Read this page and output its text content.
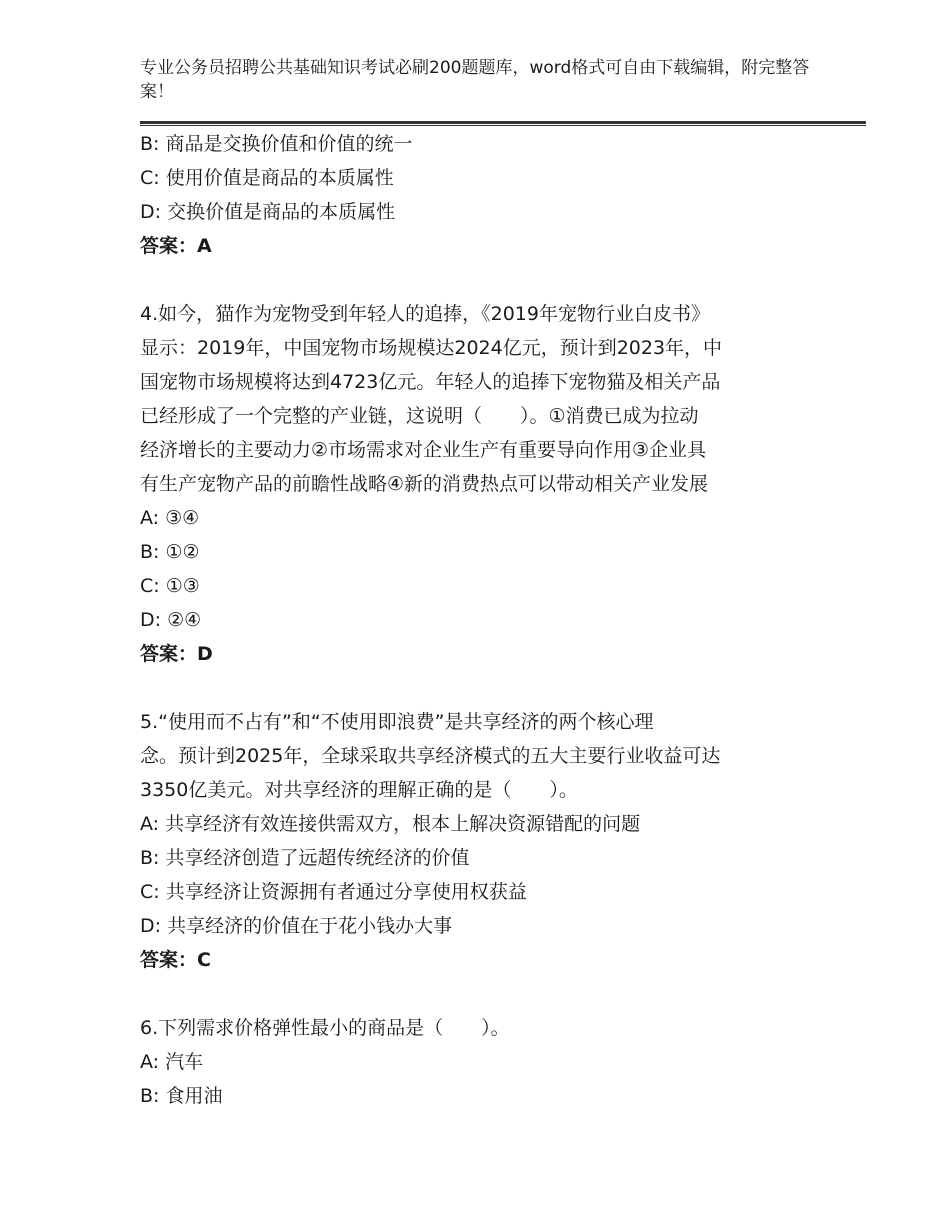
专业公务员招聘公共基础知识考试必刷200题题库，word格式可自由下载编辑，附完整答案！
B: 商品是交换价值和价值的统一
C: 使用价值是商品的本质属性
D: 交换价值是商品的本质属性
答案：A
4.如今，猫作为宠物受到年轻人的追捧，《2019年宠物行业白皮书》
显示：2019年，中国宠物市场规模达2024亿元，预计到2023年，中
国宠物市场规模将达到4723亿元。年轻人的追捧下宠物猫及相关产品
已经形成了一个完整的产业链，这说明（　　）。①消费已成为拉动
经济增长的主要动力②市场需求对企业生产有重要导向作用③企业具
有生产宠物产品的前瞻性战略④新的消费热点可以带动相关产业发展
A: ③④
B: ①②
C: ①③
D: ②④
答案：D
5.“使用而不占有”和“不使用即浪费”是共享经济的两个核心理
念。预计到2025年，全球采取共享经济模式的五大主要行业收益可达
3350亿美元。对共享经济的理解正确的是（　　）。
A: 共享经济有效连接供需双方，根本上解决资源错配的问题
B: 共享经济创造了远超传统经济的价值
C: 共享经济让资源拥有者通过分享使用权获益
D: 共享经济的价值在于花小钱办大事
答案：C
6.下列需求价格弹性最小的商品是（　　）。
A: 汽车
B: 食用油
